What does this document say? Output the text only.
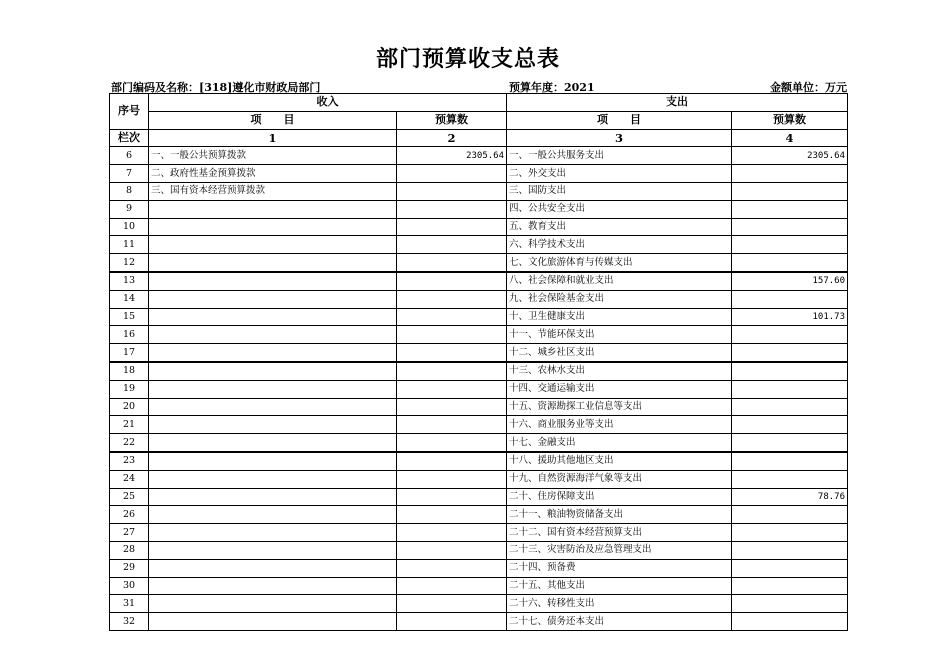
部门预算收支总表
部门编码及名称：[318]遵化市财政局部门	预算年度：2021	金额单位：万元
序号	收入		支出	
	项　　目	预算数	项　　目	预算数
栏次	1	2	3	4
6	一、一般公共预算拨款	2305.64	一、一般公共服务支出	2305.64
7	二、政府性基金预算拨款		二、外交支出	
8	三、国有资本经营预算拨款		三、国防支出	
9			四、公共安全支出	
10			五、教育支出	
11			六、科学技术支出	
12			七、文化旅游体育与传媒支出	
13			八、社会保障和就业支出	157.60
14			九、社会保险基金支出	
15			十、卫生健康支出	101.73
16			十一、节能环保支出	
17			十二、城乡社区支出	
18			十三、农林水支出	
19			十四、交通运输支出	
20			十五、资源勘探工业信息等支出	
21			十六、商业服务业等支出	
22			十七、金融支出	
23			十八、援助其他地区支出	
24			十九、自然资源海洋气象等支出	
25			二十、住房保障支出	78.76
26			二十一、粮油物资储备支出	
27			二十二、国有资本经营预算支出	
28			二十三、灾害防治及应急管理支出	
29			二十四、预备费	
30			二十五、其他支出	
31			二十六、转移性支出	
32			二十七、债务还本支出	
